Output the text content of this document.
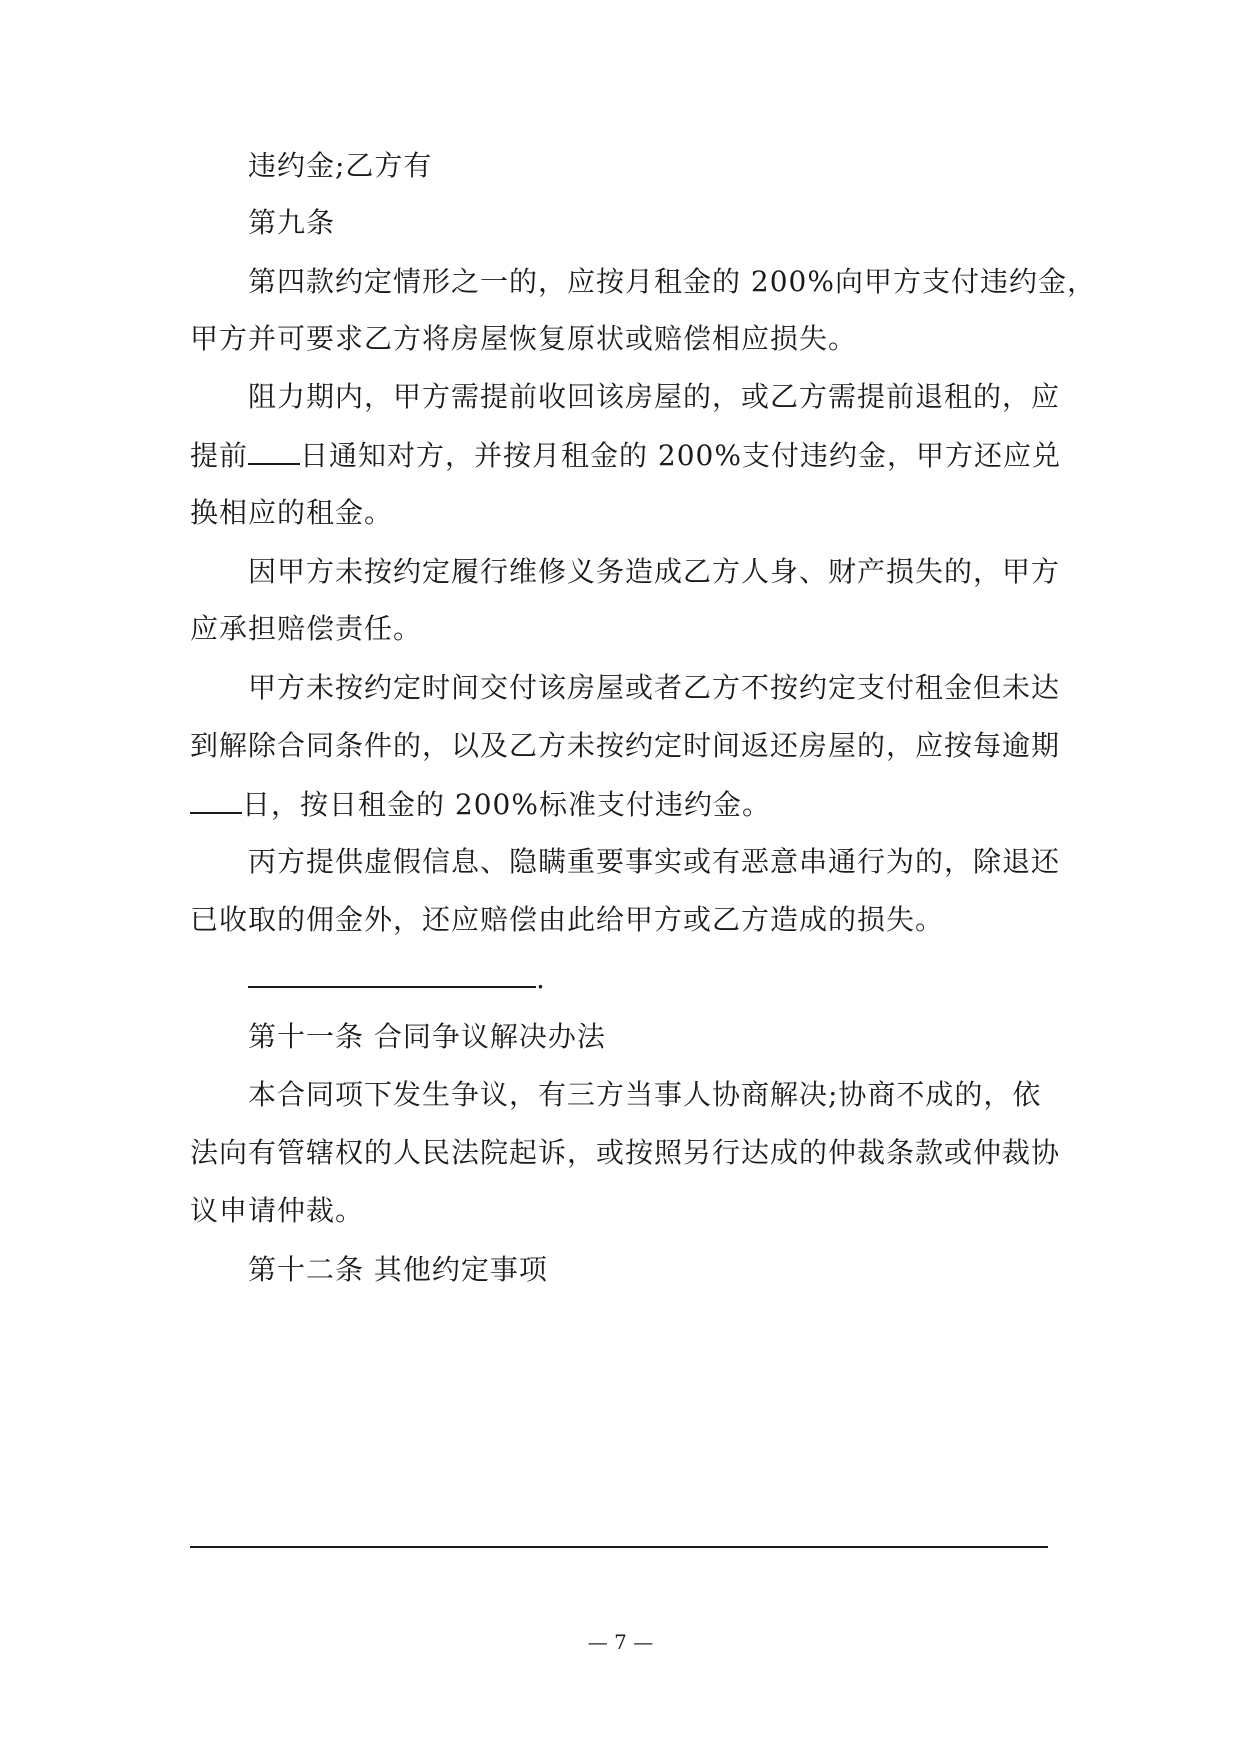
违约金;乙方有
第九条
第四款约定情形之一的，应按月租金的 200%向甲方支付违约金，
甲方并可要求乙方将房屋恢复原状或赔偿相应损失。
阻力期内，甲方需提前收回该房屋的，或乙方需提前退租的，应
提前 日通知对方，并按月租金的 200%支付违约金，甲方还应兑
换相应的租金。
因甲方未按约定履行维修义务造成乙方人身、财产损失的，甲方
应承担赔偿责任。
甲方未按约定时间交付该房屋或者乙方不按约定支付租金但未达
到解除合同条件的，以及乙方未按约定时间返还房屋的，应按每逾期
日，按日租金的 200%标准支付违约金。
丙方提供虚假信息、隐瞒重要事实或有恶意串通行为的，除退还
已收取的佣金外，还应赔偿由此给甲方或乙方造成的损失。
.
第十一条 合同争议解决办法
本合同项下发生争议，有三方当事人协商解决;协商不成的，依
法向有管辖权的人民法院起诉，或按照另行达成的仲裁条款或仲裁协
议申请仲裁。
第十二条 其他约定事项
— 7 —
